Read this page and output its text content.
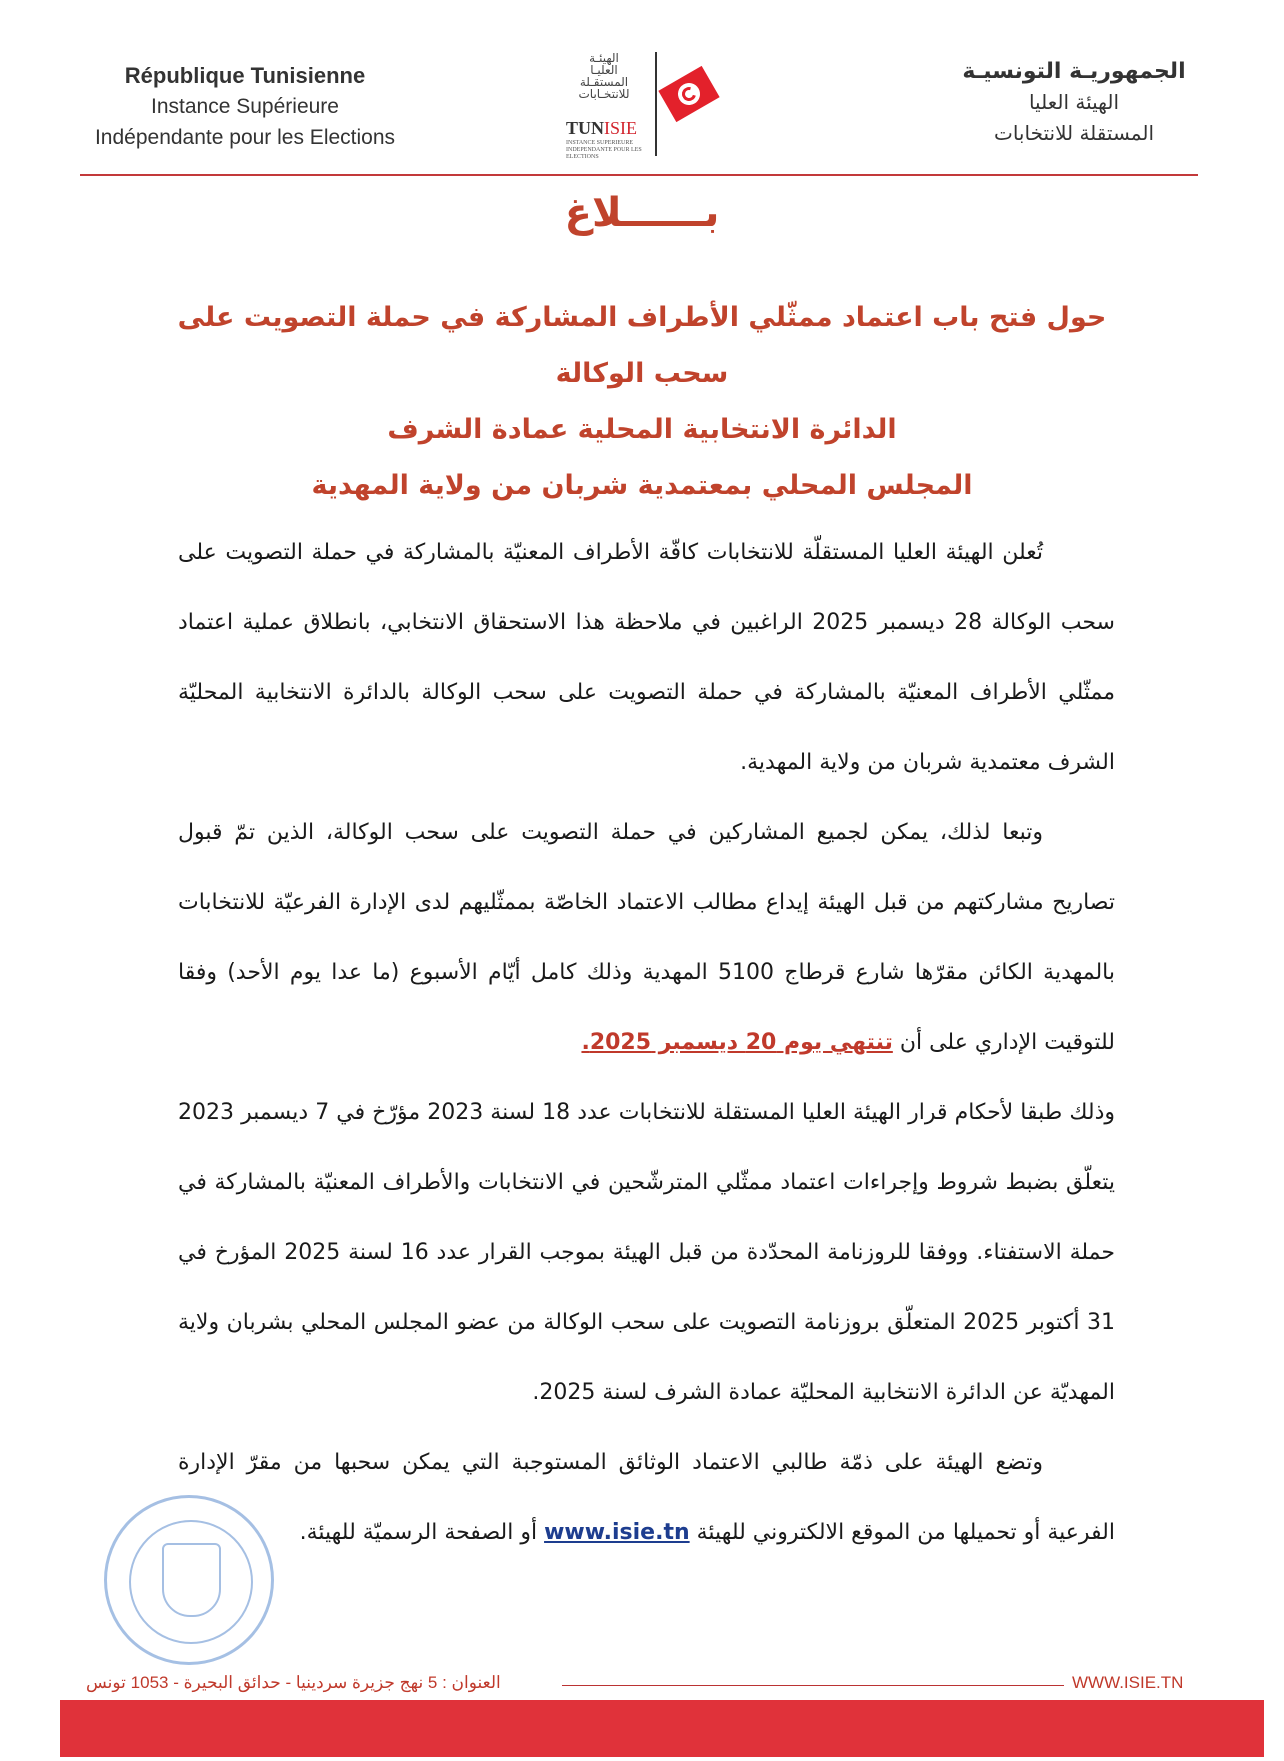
République Tunisienne
Instance Supérieure
Indépendante pour les Elections
الهيئـة
العليـا
المستقـلة
للانتخـابات
TUNISIE
INSTANCE SUPERIEURE INDEPENDANTE POUR LES ELECTIONS
الجمهوريـة التونسيـة
الهيئة العليا
المستقلة للانتخابات
بــــــلاغ
حول فتح باب اعتماد ممثّلي الأطراف المشاركة في حملة التصويت على سحب الوكالة
الدائرة الانتخابية المحلية عمادة الشرف
المجلس المحلي بمعتمدية شربان من ولاية المهدية

تُعلن الهيئة العليا المستقلّة للانتخابات كافّة الأطراف المعنيّة بالمشاركة في حملة التصويت على سحب الوكالة 28 ديسمبر 2025 الراغبين في ملاحظة هذا الاستحقاق الانتخابي، بانطلاق عملية اعتماد ممثّلي الأطراف المعنيّة بالمشاركة في حملة التصويت على سحب الوكالة بالدائرة الانتخابية المحليّة الشرف معتمدية شربان من ولاية المهدية.

وتبعا لذلك، يمكن لجميع المشاركين في حملة التصويت على سحب الوكالة، الذين تمّ قبول تصاريح مشاركتهم من قبل الهيئة إيداع مطالب الاعتماد الخاصّة بممثّليهم لدى الإدارة الفرعيّة للانتخابات بالمهدية الكائن مقرّها شارع قرطاج 5100 المهدية وذلك كامل أيّام الأسبوع (ما عدا يوم الأحد) وفقا للتوقيت الإداري على أن تنتهي يوم 20 ديسمبر 2025.

وذلك طبقا لأحكام قرار الهيئة العليا المستقلة للانتخابات عدد 18 لسنة 2023 مؤرّخ في 7 ديسمبر 2023 يتعلّق بضبط شروط وإجراءات اعتماد ممثّلي المترشّحين في الانتخابات والأطراف المعنيّة بالمشاركة في حملة الاستفتاء. ووفقا للروزنامة المحدّدة من قبل الهيئة بموجب القرار عدد 16 لسنة 2025 المؤرخ في 31 أكتوبر 2025 المتعلّق بروزنامة التصويت على سحب الوكالة من عضو المجلس المحلي بشربان ولاية المهديّة عن الدائرة الانتخابية المحليّة عمادة الشرف لسنة 2025.

وتضع الهيئة على ذمّة طالبي الاعتماد الوثائق المستوجبة التي يمكن سحبها من مقرّ الإدارة الفرعية أو تحميلها من الموقع الالكتروني للهيئة www.isie.tn أو الصفحة الرسميّة للهيئة.

العنوان : 5 نهج جزيرة سردينيا - حدائق البحيرة - 1053 تونس	WWW.ISIE.TN
